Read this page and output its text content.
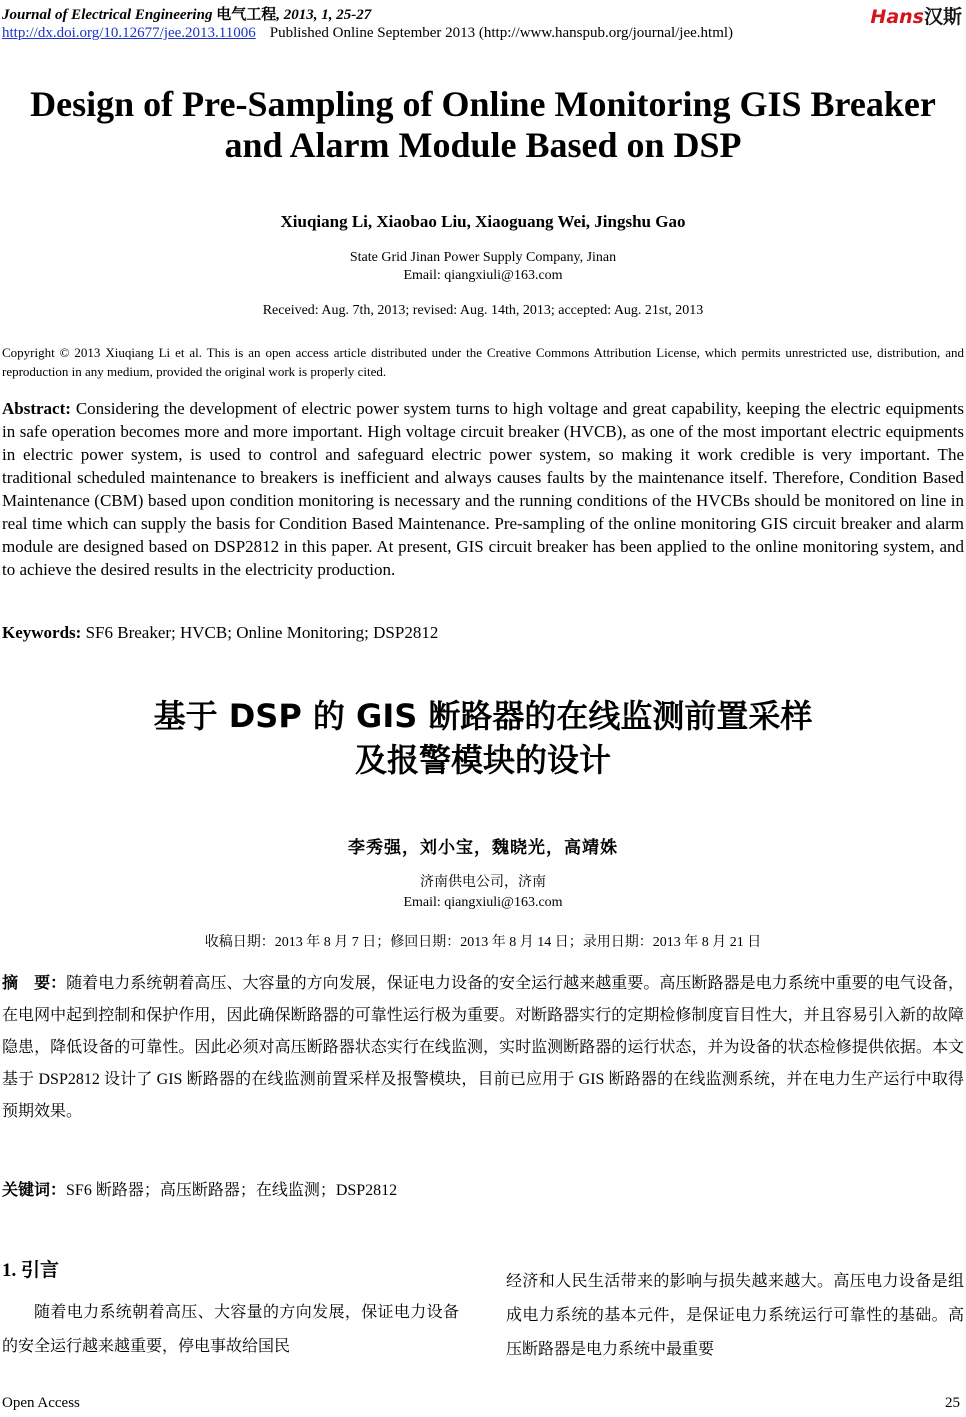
Journal of Electrical Engineering 电气工程, 2013, 1, 25-27
http://dx.doi.org/10.12677/jee.2013.11006 Published Online September 2013 (http://www.hanspub.org/journal/jee.html)
Hans汉斯
Design of Pre-Sampling of Online Monitoring GIS Breaker
and Alarm Module Based on DSP
Xiuqiang Li, Xiaobao Liu, Xiaoguang Wei, Jingshu Gao
State Grid Jinan Power Supply Company, Jinan
Email: qiangxiuli@163.com
Received: Aug. 7th, 2013; revised: Aug. 14th, 2013; accepted: Aug. 21st, 2013
Copyright © 2013 Xiuqiang Li et al. This is an open access article distributed under the Creative Commons Attribution License, which permits unrestricted use, distribution, and reproduction in any medium, provided the original work is properly cited.
Abstract: Considering the development of electric power system turns to high voltage and great capability, keeping the electric equipments in safe operation becomes more and more important. High voltage circuit breaker (HVCB), as one of the most important electric equipments in electric power system, is used to control and safeguard electric power system, so making it work credible is very important. The traditional scheduled maintenance to breakers is inefficient and always causes faults by the maintenance itself. Therefore, Condition Based Maintenance (CBM) based upon condition monitoring is necessary and the running conditions of the HVCBs should be monitored on line in real time which can supply the basis for Condition Based Maintenance. Pre-sampling of the online monitoring GIS circuit breaker and alarm module are designed based on DSP2812 in this paper. At present, GIS circuit breaker has been applied to the online monitoring system, and to achieve the desired results in the electricity production.
Keywords: SF6 Breaker; HVCB; Online Monitoring; DSP2812
基于 DSP 的 GIS 断路器的在线监测前置采样
及报警模块的设计
李秀强，刘小宝，魏晓光，高靖姝
济南供电公司，济南
Email: qiangxiuli@163.com
收稿日期：2013 年 8 月 7 日；修回日期：2013 年 8 月 14 日；录用日期：2013 年 8 月 21 日
摘　要：随着电力系统朝着高压、大容量的方向发展，保证电力设备的安全运行越来越重要。高压断路器是电力系统中重要的电气设备，在电网中起到控制和保护作用，因此确保断路器的可靠性运行极为重要。对断路器实行的定期检修制度盲目性大，并且容易引入新的故障隐患，降低设备的可靠性。因此必须对高压断路器状态实行在线监测，实时监测断路器的运行状态，并为设备的状态检修提供依据。本文基于 DSP2812 设计了 GIS 断路器的在线监测前置采样及报警模块，目前已应用于 GIS 断路器的在线监测系统，并在电力生产运行中取得预期效果。
关键词：SF6 断路器；高压断路器；在线监测；DSP2812
1. 引言
随着电力系统朝着高压、大容量的方向发展，保证电力设备的安全运行越来越重要，停电事故给国民
经济和人民生活带来的影响与损失越来越大。高压电力设备是组成电力系统的基本元件，是保证电力系统运行可靠性的基础。高压断路器是电力系统中最重要
Open Access	25
